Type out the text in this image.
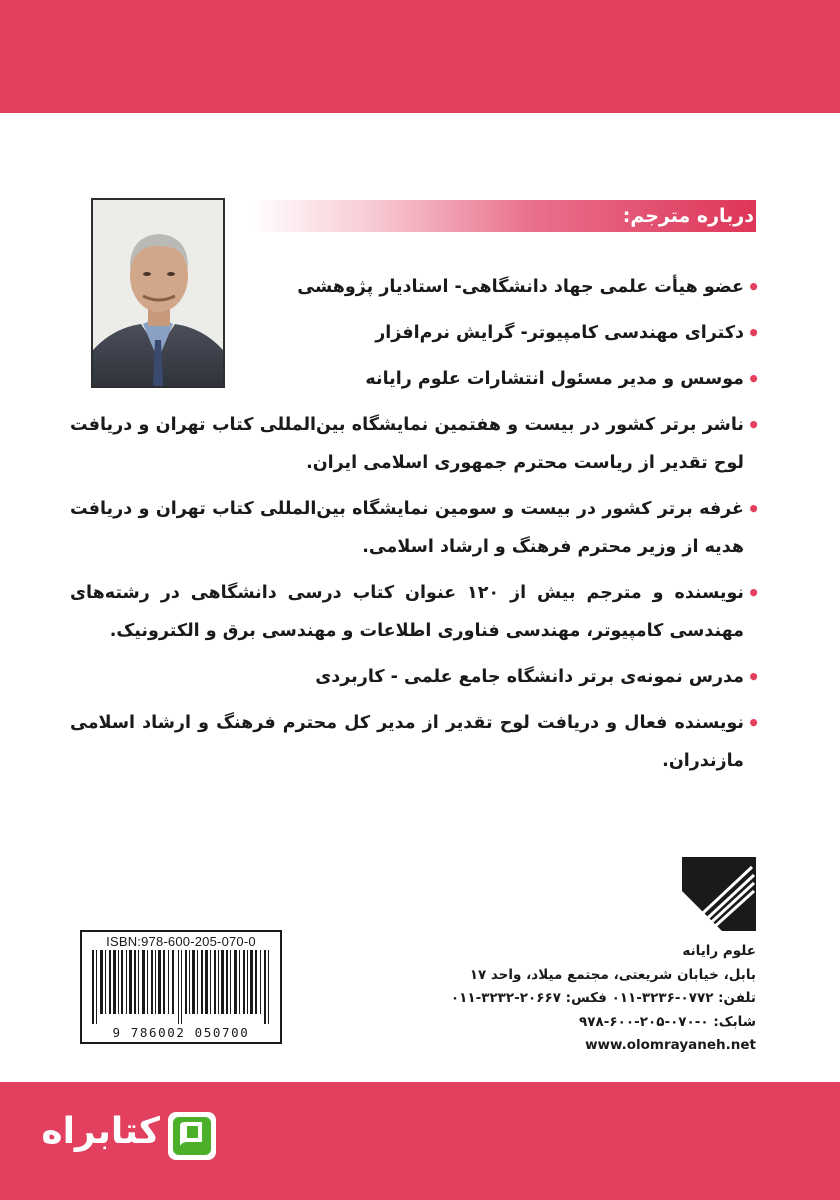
درباره مترجم:
•
عضو هیأت علمی جهاد دانشگاهی- استادیار پژوهشی
•
دکترای مهندسی کامپیوتر- گرایش نرم‌افزار
•
موسس و مدیر مسئول انتشارات علوم رایانه
•
ناشر برتر کشور در بیست و هفتمین نمایشگاه بین‌المللی کتاب تهران و دریافت لوح تقدیر از ریاست محترم جمهوری اسلامی ایران.
•
غرفه برتر کشور در بیست و سومین نمایشگاه بین‌المللی کتاب تهران و دریافت هدیه از وزیر محترم فرهنگ و ارشاد اسلامی.
•
نویسنده و مترجم بیش از ۱۲۰ عنوان کتاب درسی دانشگاهی در رشته‌های مهندسی کامپیوتر، مهندسی فناوری اطلاعات و مهندسی برق و الکترونیک.
•
مدرس نمونه‌ی برتر دانشگاه جامع علمی - کاربردی
•
نویسنده فعال و دریافت لوح تقدیر از مدیر کل محترم فرهنگ و ارشاد اسلامی مازندران.
علوم رایانه
بابل، خیابان شریعتی، مجتمع میلاد، واحد ۱۷
تلفن: ۰۷۷۲-۳۲۳۶-۰۱۱ فکس: ۲۰۶۶۷-۳۲۳۲-۰۱۱
شابک: ۰-۰۷۰-۲۰۵-۶۰۰-۹۷۸
www.olomrayaneh.net
ISBN:978-600-205-070-0
9 786002 050700
کتابراه
